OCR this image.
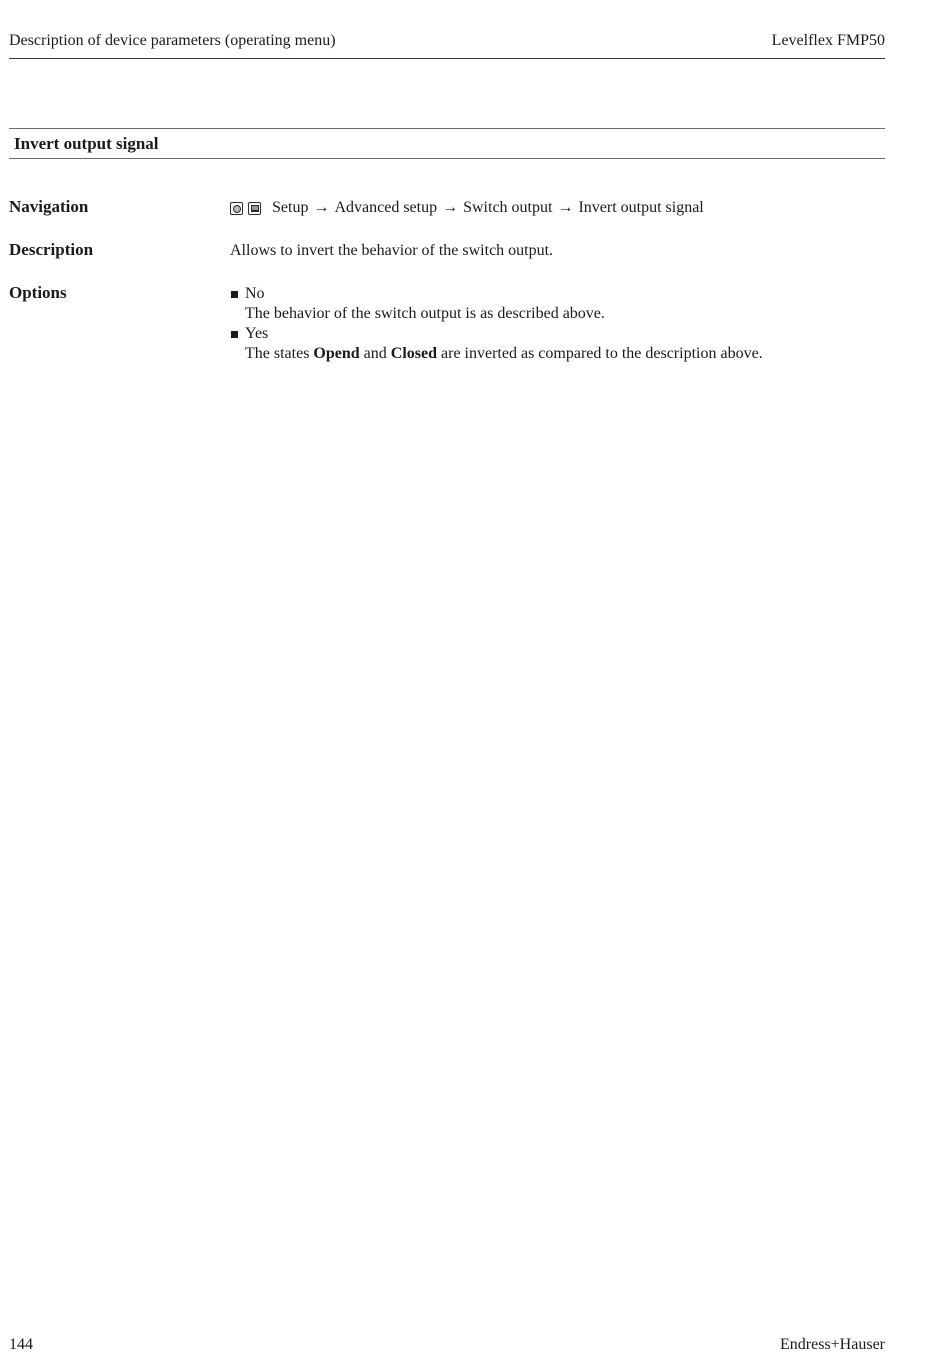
Description of device parameters (operating menu)	Levelflex FMP50
Invert output signal
Navigation	Setup → Advanced setup → Switch output → Invert output signal
Description	Allows to invert the behavior of the switch output.
Options	No
The behavior of the switch output is as described above.
Yes
The states Opend and Closed are inverted as compared to the description above.
144	Endress+Hauser
